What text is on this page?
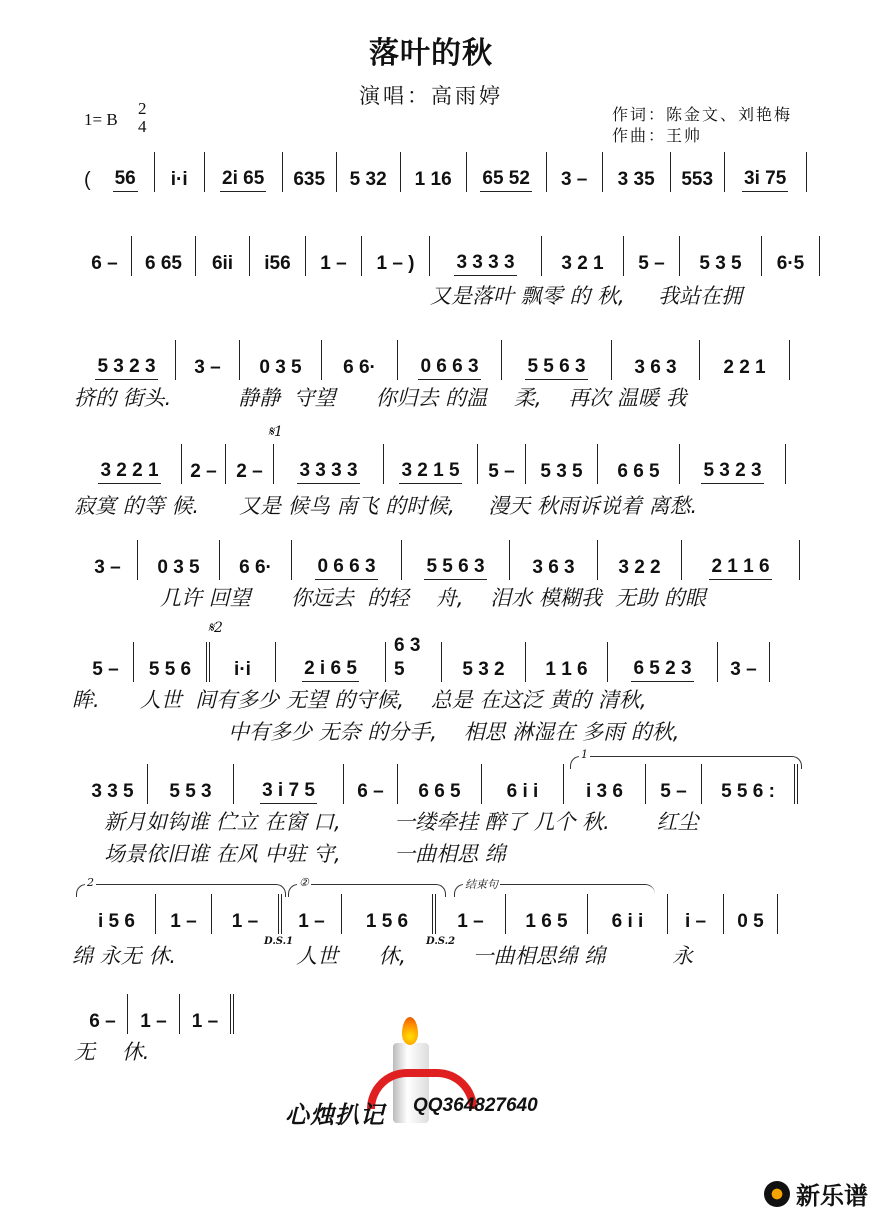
落叶的秋
演唱：高雨婷
1= B
2
4
作词：陈金文、刘艳梅
作曲：王帅
(	56 i·i 2i 65 635 5 32 1 16 65 52 3 – 3 35 553 3i 75
6 – 6 65 6ii i56 1 – 1 – ) 3 3 3 3 3 2 1 5 – 5 3 5 6·5
又是落叶 飘零 的 秋,     我站在拥
5 3 2 3 3 – 0 3 5 6 6· 0 6 6 3	5 5 6 3	3 6 3 2 2 1
挤的 街头.          静静  守望      你归去 的温    柔,    再次 温暖 我
𝄋1
3 2 2 1 2 – 2 – 3 3 3 3 3 2 1 5 5 – 5 3 5 6 6 5 5 3 2 3
寂寞 的等 候.      又是 候鸟 南飞 的时候,     漫天 秋雨诉说着 离愁.
3 – 0 3 5 6 6· 0 6 6 3	5 5 6 3	3 6 3 3 2 2	2 1 1 6
几许 回望      你远去  的轻    舟,    泪水 模糊我  无助 的眼
𝄋2
5 – 5 5 6 i·i	2 i 6 5
6 3 5	5 3 2 1 1 6 6 5 2 3 3 –
眸.      人世  间有多少 无望 的守候,    总是 在这泛 黄的 清秋,
中有多少 无奈 的分手,    相思 淋湿在 多雨 的秋,
1
3 3 5 5 5 3	3 i 7 5 6 – 6 6 5 6 i i	i 3 6 5 – 5 5 6 :
新月如钩谁 伫立 在窗 口,        一缕牵挂 醉了 几个 秋.       红尘
场景依旧谁 在风 中驻 守,        一曲相思 绵
2	②	结束句
i 5 6 1 – 1 – 1 – 1 5 6	1 – 1 6 5 6 i i i – 0 5
D.S.1	D.S.2
绵 永无 休.                  人世      休,          一曲相思绵 绵          永
6 – 1 – 1 –
无    休.
心烛扒记 QQ364827640
新乐谱
